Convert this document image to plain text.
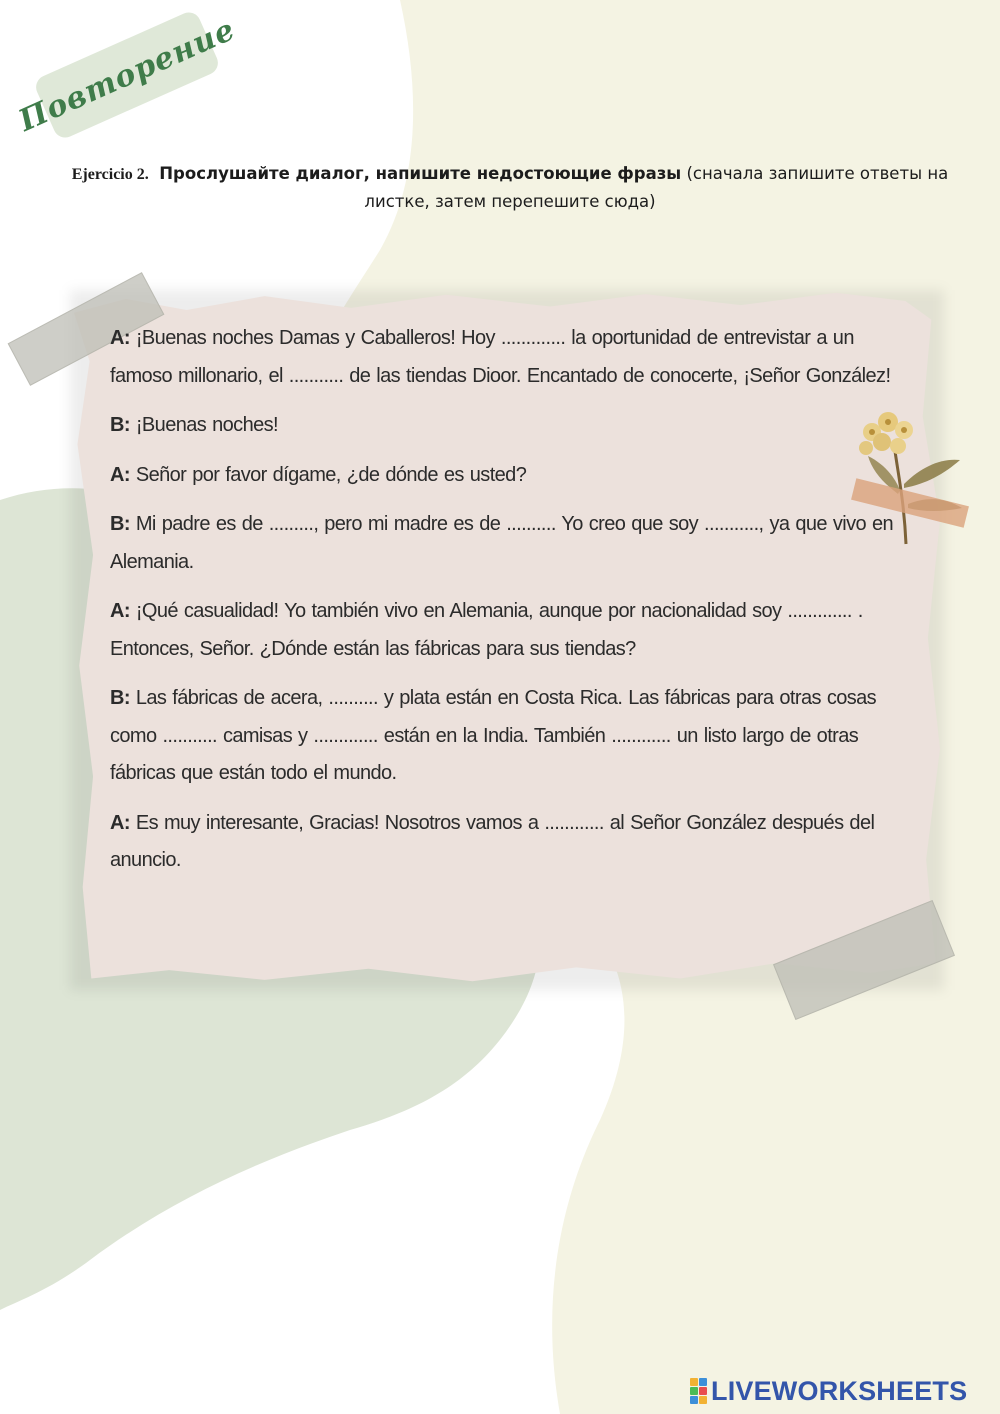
Повторение
Ejercicio 2. Прослушайте диалог, напишите недостоющие фразы (сначала запишите ответы на листке, затем перепешите сюда)

A: ¡Buenas noches Damas y Caballeros! Hoy ............. la oportunidad de entrevistar a un famoso millonario, el ........... de las tiendas Dioor. Encantado de conocerte, ¡Señor González!

B: ¡Buenas noches!

A: Señor por favor dígame, ¿de dónde es usted?

B: Mi padre es de ........., pero mi madre es de .......... Yo creo que soy ..........., ya que vivo en Alemania.

A: ¡Qué casualidad! Yo también vivo en Alemania, aunque por nacionalidad soy ............. . Entonces, Señor. ¿Dónde están las fábricas para sus tiendas?

B: Las fábricas de acera, .......... y plata están en Costa Rica. Las fábricas para otras cosas como ........... camisas y ............. están en la India. También ............ un listo largo de otras fábricas que están todo el mundo.

A: Es muy interesante, Gracias! Nosotros vamos a ............ al Señor González después del anuncio.

LIVEWORKSHEETS
